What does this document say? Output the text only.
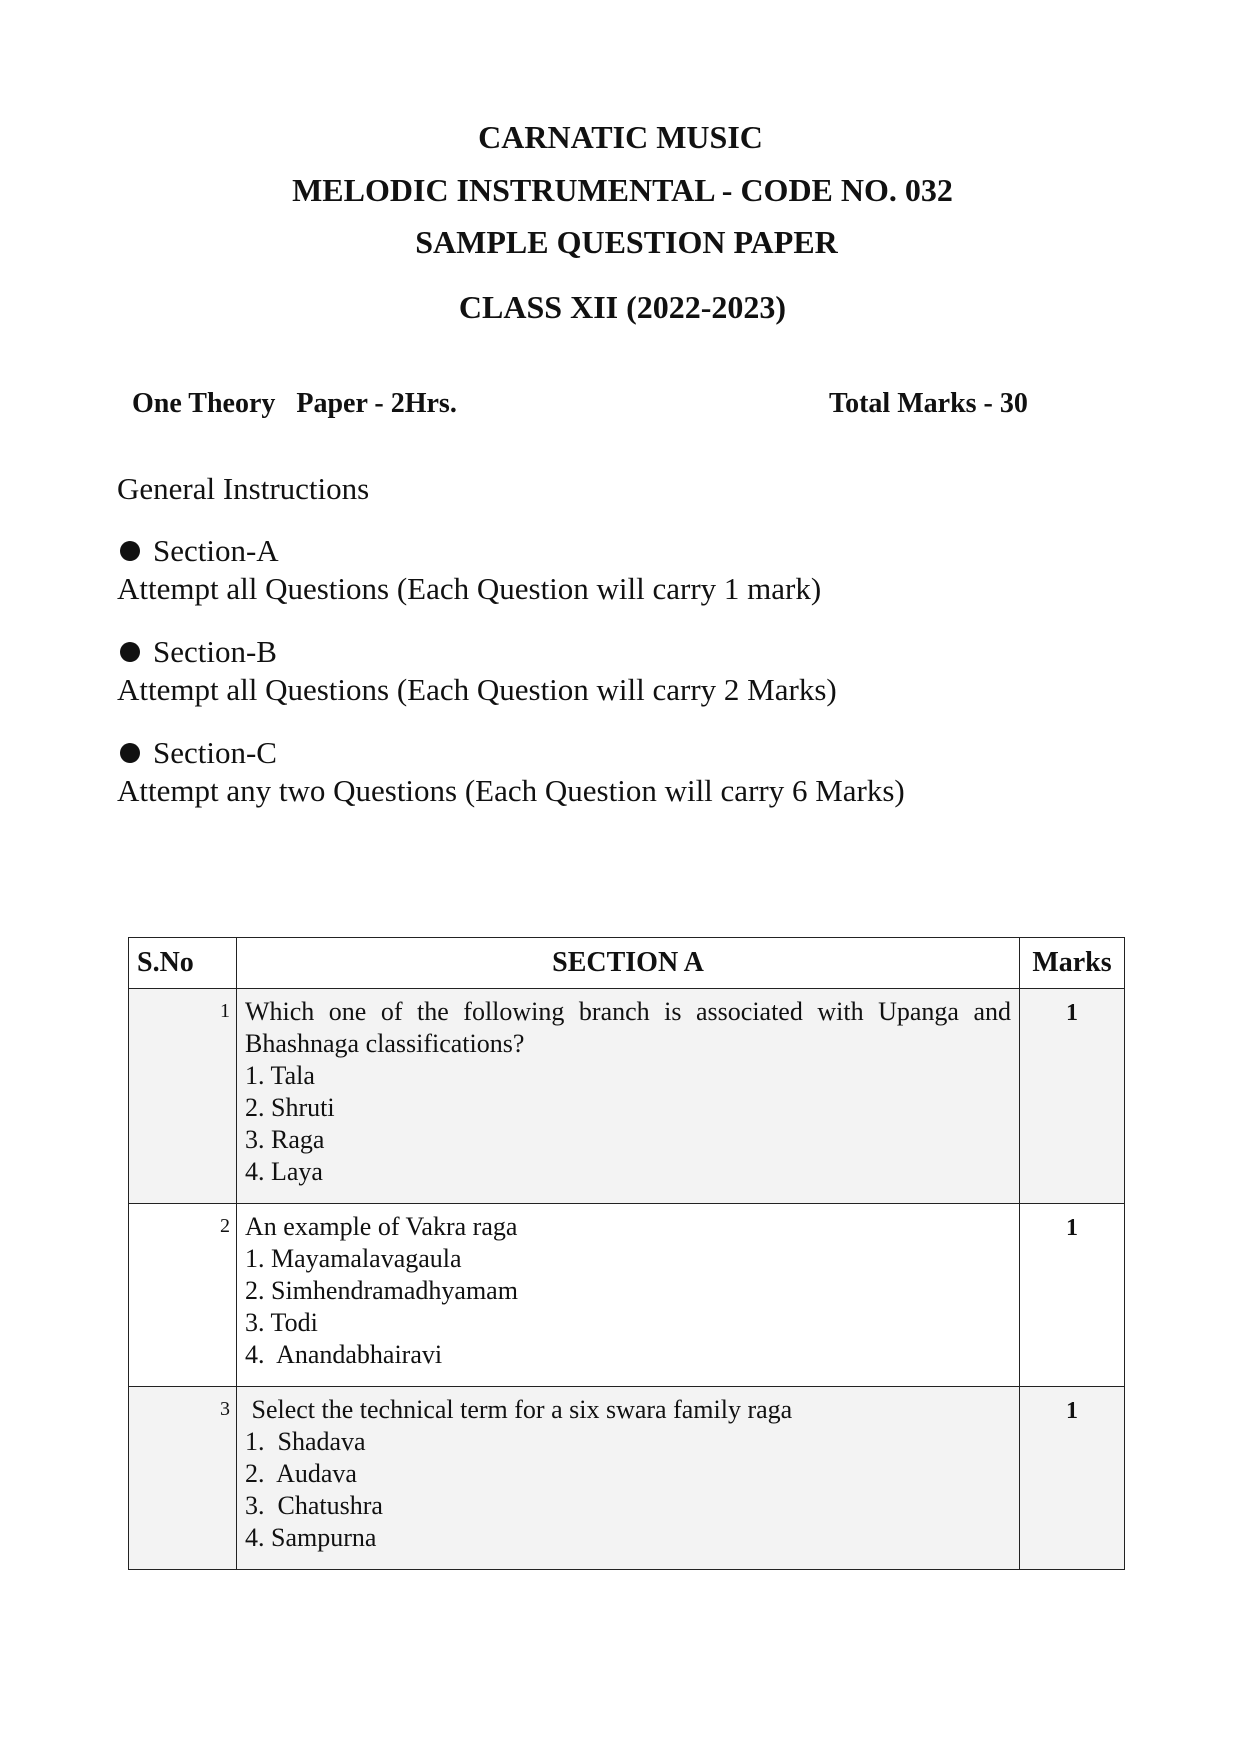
CARNATIC MUSIC
MELODIC INSTRUMENTAL - CODE NO. 032
SAMPLE QUESTION PAPER
CLASS XII (2022-2023)
One Theory   Paper - 2Hrs.	Total Marks - 30
General Instructions
Section-A
Attempt all Questions (Each Question will carry 1 mark)
Section-B
Attempt all Questions (Each Question will carry 2 Marks)
Section-C
Attempt any two Questions (Each Question will carry 6 Marks)
S.No	SECTION A	Marks
1	Which one of the following branch is associated with Upanga and Bhashnaga classifications?
1. Tala
2. Shruti
3. Raga
4. Laya	1
2	An example of Vakra raga
1. Mayamalavagaula
2. Simhendramadhyamam
3. Todi
4.  Anandabhairavi	1
3	Select the technical term for a six swara family raga
1.  Shadava
2.  Audava
3.  Chatushra
4. Sampurna	1
